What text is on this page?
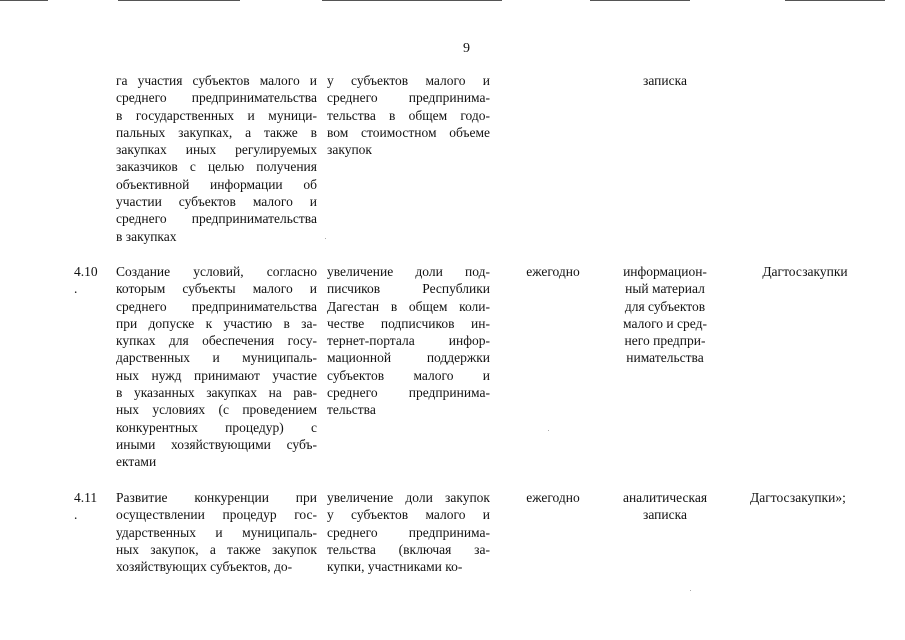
9
га участия субъектов малого и
среднего предпринимательства
в государственных и муници-
пальных закупках, а также в
закупках иных регулируемых
заказчиков с целью получения
объективной информации об
участии субъектов малого и
среднего предпринимательства
в закупках
у субъектов малого и
среднего предпринима-
тельства в общем годо-
вом стоимостном объеме
закупок
записка
4.10
.
Создание условий, согласно
которым субъекты малого и
среднего предпринимательства
при допуске к участию в за-
купках для обеспечения госу-
дарственных и муниципаль-
ных нужд принимают участие
в указанных закупках на рав-
ных условиях (с проведением
конкурентных процедур) с
иными хозяйствующими субъ-
ектами
увеличение доли под-
писчиков Республики
Дагестан в общем коли-
честве подписчиков ин-
тернет-портала инфор-
мационной поддержки
субъектов малого и
среднего предпринима-
тельства
ежегодно	информацион-
ный материал
для субъектов
малого и сред-
него предпри-
нимательства
Дагтосзакупки
4.11
.
Развитие конкуренции при
осуществлении процедур гос-
ударственных и муниципаль-
ных закупок, а также закупок
хозяйствующих субъектов, до-
увеличение доли закупок
у субъектов малого и
среднего предпринима-
тельства (включая за-
купки, участниками ко-
ежегодно	аналитическая
записка
Дагтосзакупки»;
